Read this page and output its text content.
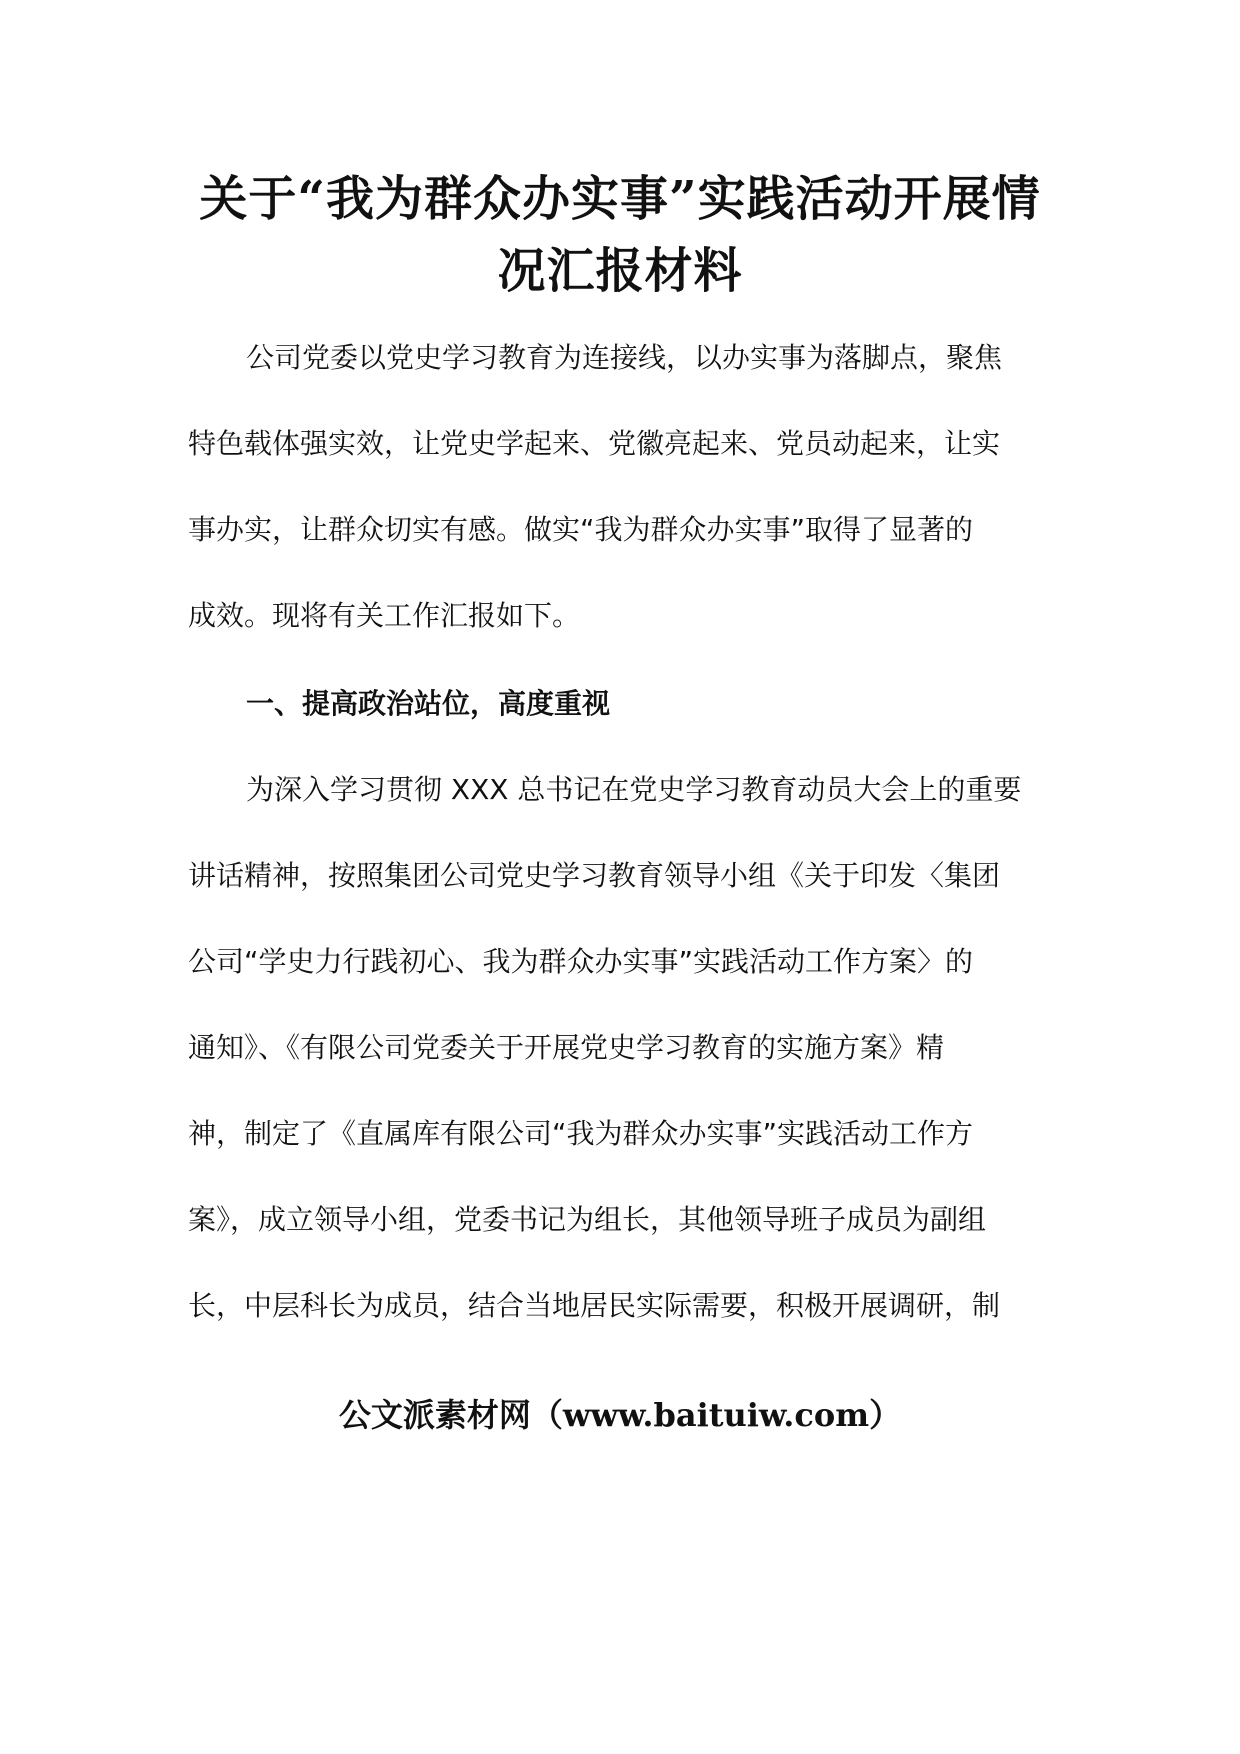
关于“我为群众办实事”实践活动开展情
况汇报材料
公司党委以党史学习教育为连接线，以办实事为落脚点，聚焦
特色载体强实效，让党史学起来、党徽亮起来、党员动起来，让实
事办实，让群众切实有感。做实“我为群众办实事”取得了显著的
成效。现将有关工作汇报如下。
一、提高政治站位，高度重视
为深入学习贯彻 XXX 总书记在党史学习教育动员大会上的重要
讲话精神，按照集团公司党史学习教育领导小组《关于印发〈集团
公司“学史力行践初心、我为群众办实事”实践活动工作方案〉的
通知》、《有限公司党委关于开展党史学习教育的实施方案》精
神，制定了《直属库有限公司“我为群众办实事”实践活动工作方
案》，成立领导小组，党委书记为组长，其他领导班子成员为副组
长，中层科长为成员，结合当地居民实际需要，积极开展调研，制
公文派素材网（www.baituiw.com）
